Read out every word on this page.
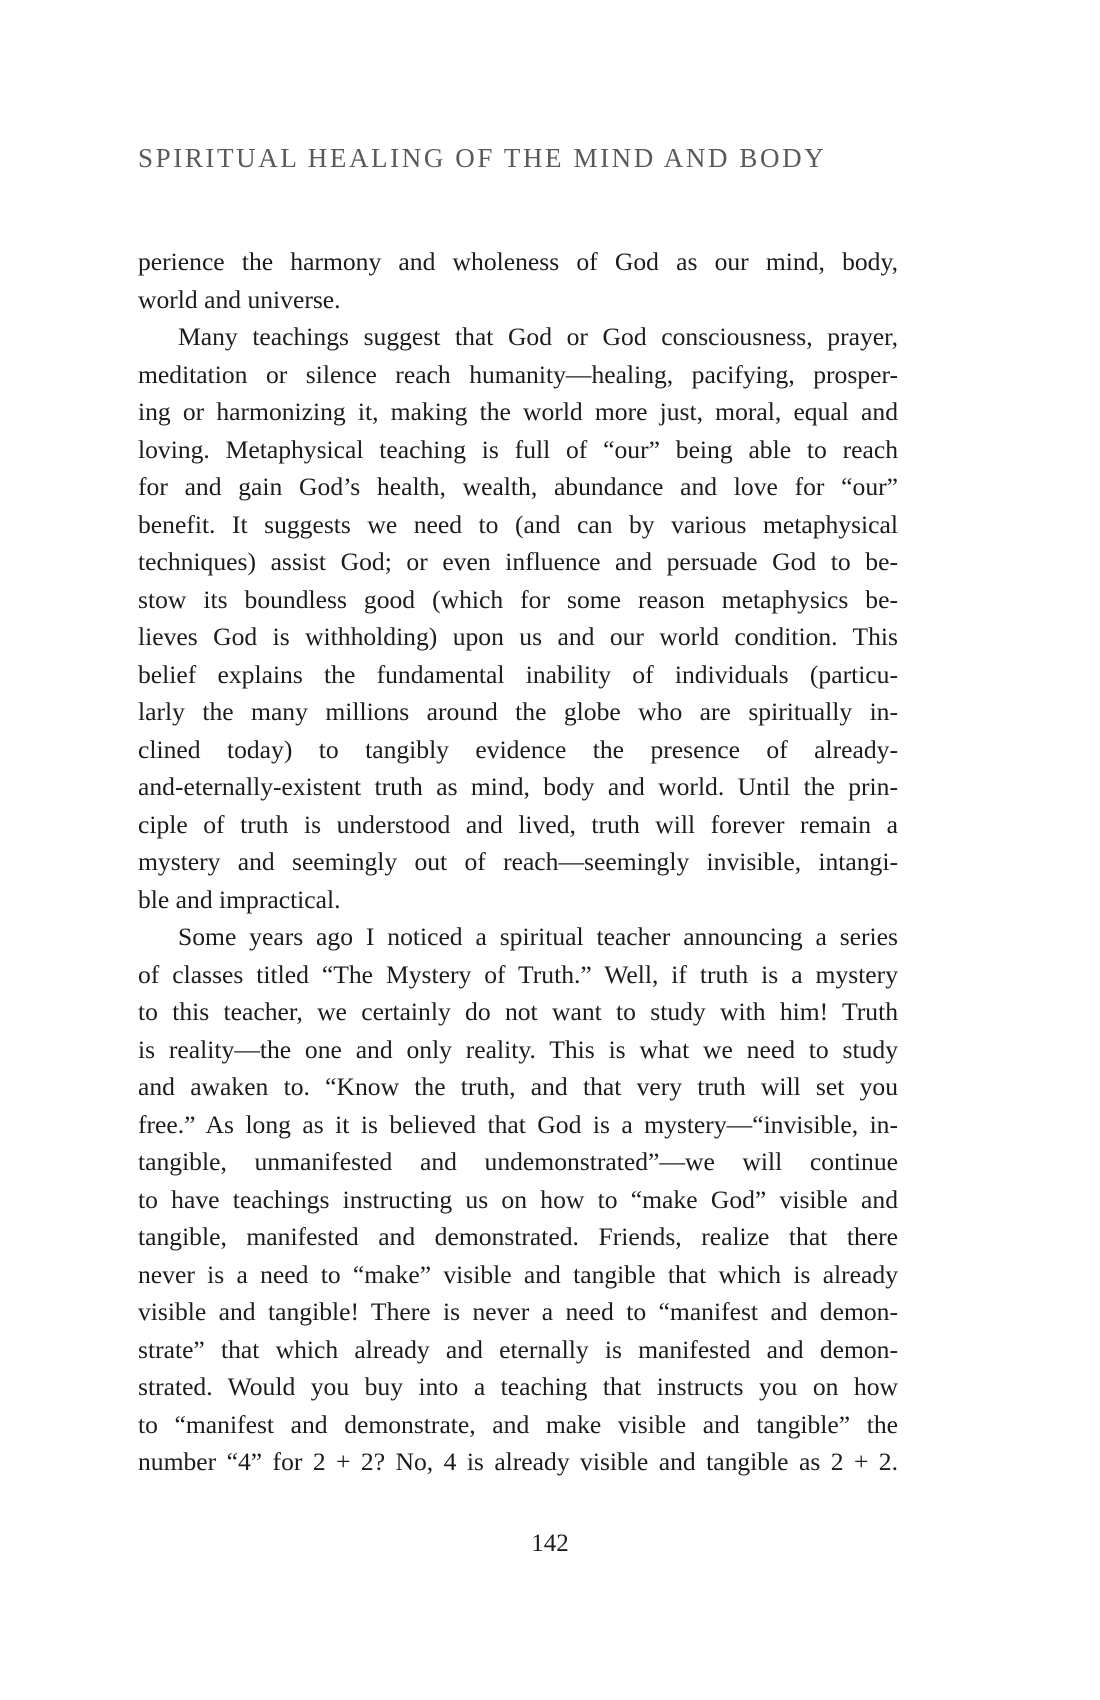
SPIRITUAL HEALING OF THE MIND AND BODY
perience the harmony and wholeness of God as our mind, body,
world and universe.
Many teachings suggest that God or God consciousness, prayer,
meditation or silence reach humanity—healing, pacifying, prosper-
ing or harmonizing it, making the world more just, moral, equal and
loving. Metaphysical teaching is full of “our” being able to reach
for and gain God’s health, wealth, abundance and love for “our”
benefit. It suggests we need to (and can by various metaphysical
techniques) assist God; or even influence and persuade God to be-
stow its boundless good (which for some reason metaphysics be-
lieves God is withholding) upon us and our world condition. This
belief explains the fundamental inability of individuals (particu-
larly the many millions around the globe who are spiritually in-
clined today) to tangibly evidence the presence of already-
and-eternally-existent truth as mind, body and world. Until the prin-
ciple of truth is understood and lived, truth will forever remain a
mystery and seemingly out of reach—seemingly invisible, intangi-
ble and impractical.
Some years ago I noticed a spiritual teacher announcing a series
of classes titled “The Mystery of Truth.” Well, if truth is a mystery
to this teacher, we certainly do not want to study with him! Truth
is reality—the one and only reality. This is what we need to study
and awaken to. “Know the truth, and that very truth will set you
free.” As long as it is believed that God is a mystery—“invisible, in-
tangible, unmanifested and undemonstrated”—we will continue
to have teachings instructing us on how to “make God” visible and
tangible, manifested and demonstrated. Friends, realize that there
never is a need to “make” visible and tangible that which is already
visible and tangible! There is never a need to “manifest and demon-
strate” that which already and eternally is manifested and demon-
strated. Would you buy into a teaching that instructs you on how
to “manifest and demonstrate, and make visible and tangible” the
number “4” for 2 + 2? No, 4 is already visible and tangible as 2 + 2.
142
